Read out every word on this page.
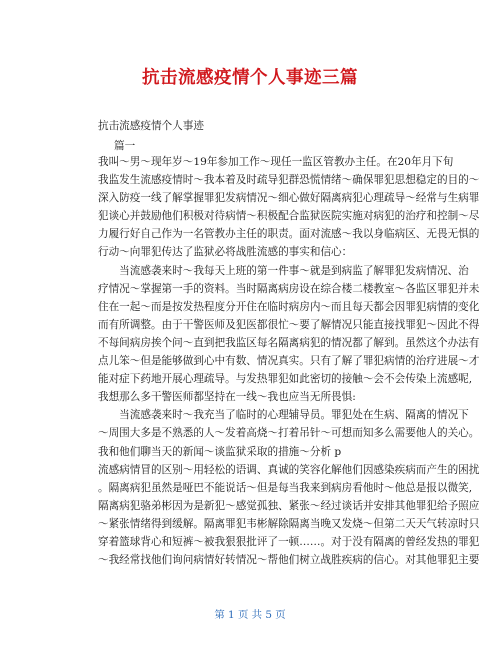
抗击流感疫情个人事迹三篇

抗击流感疫情个人事迹

篇一

我叫～男～现年岁～19年参加工作～现任一监区管教办主任。在20年月下旬
我监发生流感疫情时～我本着及时疏导犯群恐慌情绪～确保罪犯思想稳定的目的～
深入防疫一线了解掌握罪犯发病情况～细心做好隔离病犯心理疏导～经常与生病罪
犯谈心并鼓励他们积极对待病情～积极配合监狱医院实施对病犯的治疗和控制～尽
力履行好自己作为一名管教办主任的职责。面对流感～我以身临病区、无畏无惧的
行动～向罪犯传达了监狱必将战胜流感的事实和信心：
　　当流感袭来时～我每天上班的第一件事～就是到病监了解罪犯发病情况、治
疗情况～掌握第一手的资料。当时隔离病房设在综合楼二楼教室～各监区罪犯并未
住在一起～而是按发热程度分开住在临时病房内～而且每天都会因罪犯病情的变化
而有所调整。由于干警医师及犯医都很忙～要了解情况只能直接找罪犯～因此不得
不每间病房挨个问～直到把我监区每名隔离病犯的情况都了解到。虽然这个办法有
点儿笨～但是能够做到心中有数、情况真实。只有了解了罪犯病情的治疗进展～才
能对症下药地开展心理疏导。与发热罪犯如此密切的接触～会不会传染上流感呢,
我想那么多干警医师都坚持在一线～我也应当无所畏惧:
　　当流感袭来时～我充当了临时的心理辅导员。罪犯处在生病、隔离的情况下
～周围大多是不熟悉的人～发着高烧～打着吊针～可想而知多么需要他人的关心。
我和他们聊当天的新闻～谈监狱采取的措施～分析 p
流感病情冒的区别～用轻松的语调、真诚的笑容化解他们因感染疾病而产生的困扰
。隔离病犯虽然是哑巴不能说话～但是每当我来到病房看他时～他总是报以微笑,
隔离病犯骆弟彬因为是新犯～感觉孤独、紧张～经过谈话并安排其他罪犯给予照应
～紧张情绪得到缓解。隔离罪犯韦彬解除隔离当晚又发烧～但第二天天气转凉时只
穿着篮球背心和短裤～被我狠狠批评了一顿……。对于没有隔离的曾经发热的罪犯
～我经常找他们询问病情好转情况～帮他们树立战胜疾病的信心。对其他罪犯主要

第 1 页 共 5 页
